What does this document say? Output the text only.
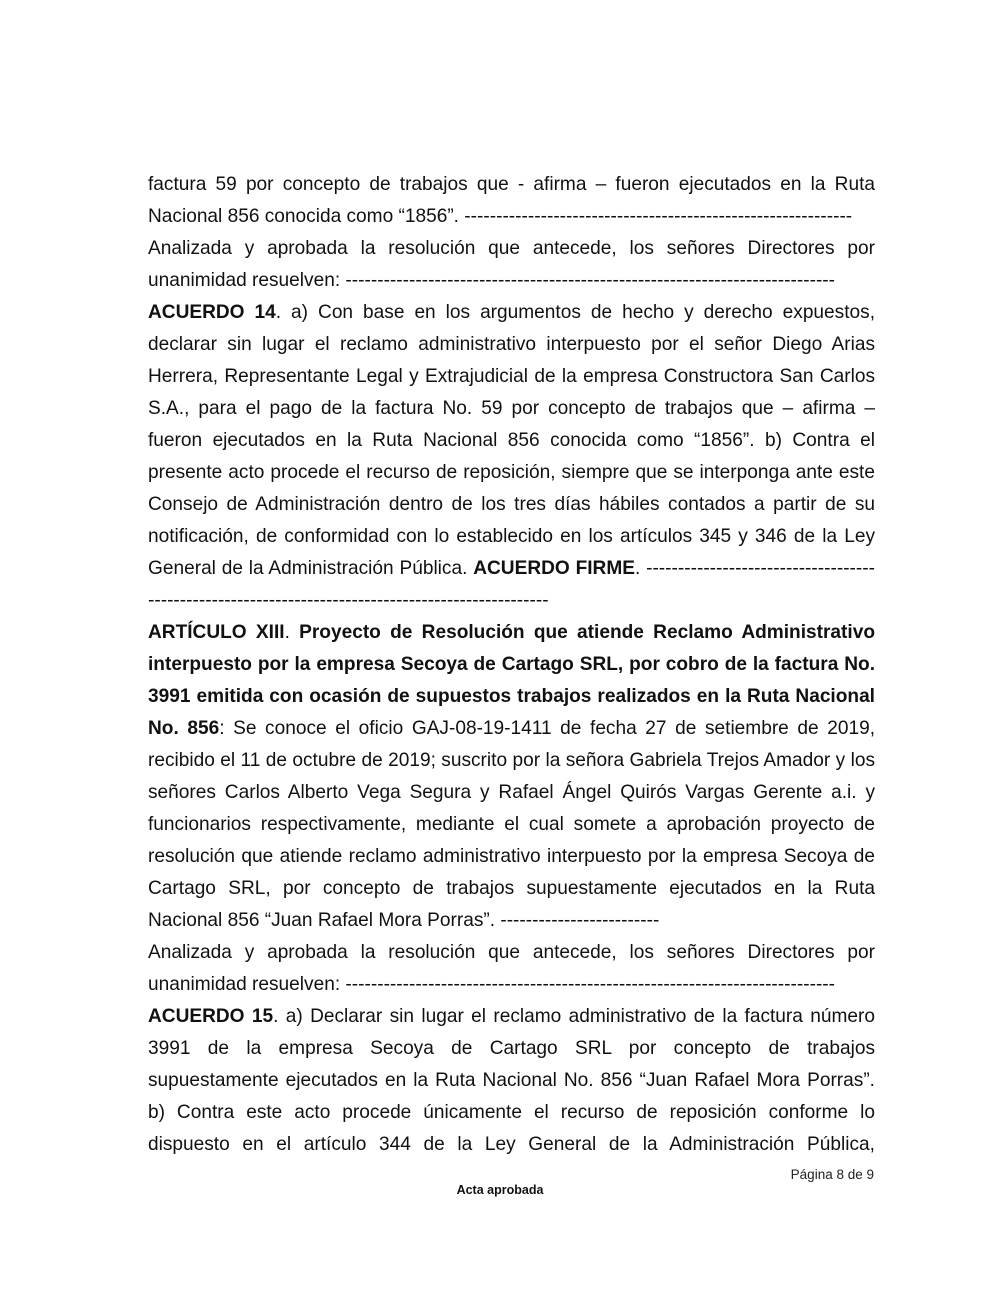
factura 59 por concepto de trabajos que - afirma – fueron ejecutados en la Ruta Nacional 856 conocida como “1856”. -------------------------------------------------------------

Analizada y aprobada la resolución que antecede, los señores Directores por unanimidad resuelven: -----------------------------------------------------------------------------

ACUERDO 14. a) Con base en los argumentos de hecho y derecho expuestos, declarar sin lugar el reclamo administrativo interpuesto por el señor Diego Arias Herrera, Representante Legal y Extrajudicial de la empresa Constructora San Carlos S.A., para el pago de la factura No. 59 por concepto de trabajos que – afirma – fueron ejecutados en la Ruta Nacional 856 conocida como “1856”. b) Contra el presente acto procede el recurso de reposición, siempre que se interponga ante este Consejo de Administración dentro de los tres días hábiles contados a partir de su notificación, de conformidad con lo establecido en los artículos 345 y 346 de la Ley General de la Administración Pública. ACUERDO FIRME. ---------------------------------------------------------------------------------------------------

ARTÍCULO XIII. Proyecto de Resolución que atiende Reclamo Administrativo interpuesto por la empresa Secoya de Cartago SRL, por cobro de la factura No. 3991 emitida con ocasión de supuestos trabajos realizados en la Ruta Nacional No. 856: Se conoce el oficio GAJ-08-19-1411 de fecha 27 de setiembre de 2019, recibido el 11 de octubre de 2019; suscrito por la señora Gabriela Trejos Amador y los señores Carlos Alberto Vega Segura y Rafael Ángel Quirós Vargas Gerente a.i. y funcionarios respectivamente, mediante el cual somete a aprobación proyecto de resolución que atiende reclamo administrativo interpuesto por la empresa Secoya de Cartago SRL, por concepto de trabajos supuestamente ejecutados en la Ruta Nacional 856 “Juan Rafael Mora Porras”. -------------------------

Analizada y aprobada la resolución que antecede, los señores Directores por unanimidad resuelven: -----------------------------------------------------------------------------

ACUERDO 15. a) Declarar sin lugar el reclamo administrativo de la factura número 3991 de la empresa Secoya de Cartago SRL por concepto de trabajos supuestamente ejecutados en la Ruta Nacional No. 856 “Juan Rafael Mora Porras”. b) Contra este acto procede únicamente el recurso de reposición conforme lo dispuesto en el artículo 344 de la Ley General de la Administración Pública,

Página 8 de 9
Acta aprobada
